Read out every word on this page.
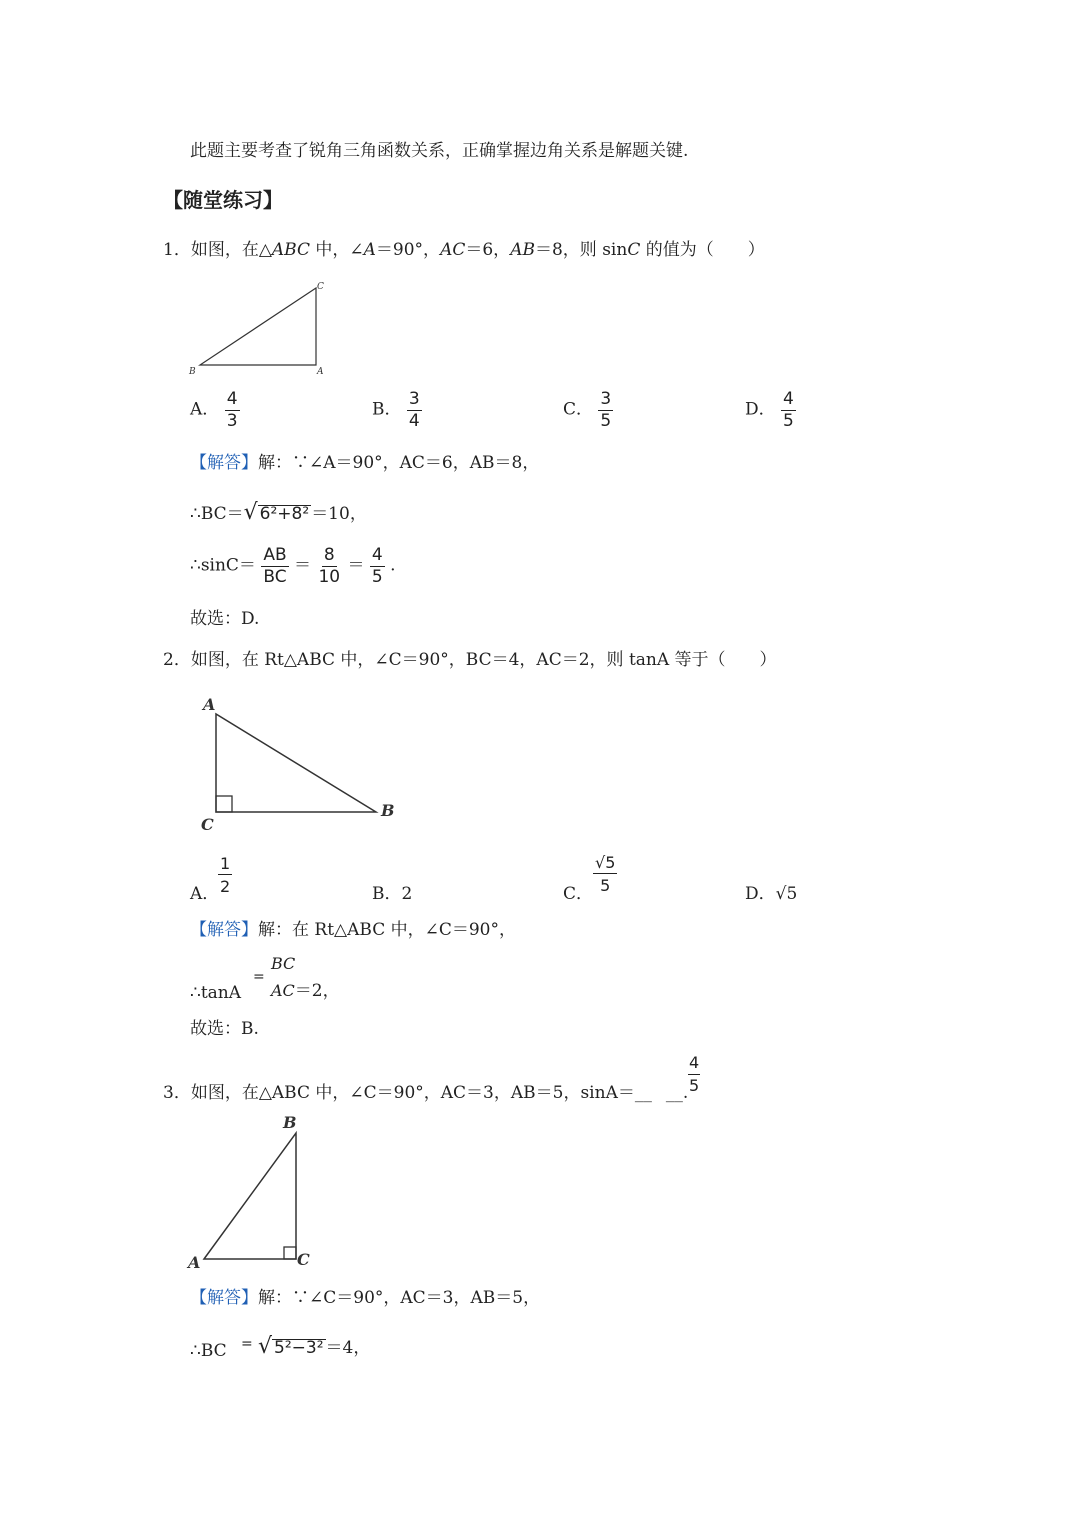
此题主要考查了锐角三角函数关系，正确掌握边角关系是解题关键.
【随堂练习】
1．如图，在△ABC 中，∠A＝90°，AC＝6，AB＝8，则 sinC 的值为（　　）
B	A
C
A． $\frac{4}{3}$	B． $\frac{3}{4}$	C． $\frac{3}{5}$	D． $\frac{4}{5}$
【解答】解：∵∠A＝90°，AC＝6，AB＝8，
∴BC＝√ 6²+8² ＝10，
∴sinC＝ $\frac{AB}{BC} = \frac{8}{10} = \frac{4}{5}$ .
故选：D.
2．如图，在 Rt△ABC 中，∠C＝90°，BC＝4，AC＝2，则 tanA 等于（　　）
A
C
B
A．
1
2	B．2	C．
√5
5	D．√5
【解答】解：在 Rt△ABC 中，∠C＝90°，
∴tanA
=
BC
AC＝2，
故选：B.
3．如图，在△ABC 中，∠C＝90°，AC＝3，AB＝5，sinA＝__ __.
4
5
B
A	C
【解答】解：∵∠C＝90°，AC＝3，AB＝5，
∴BC = √ 5²−3² ＝4，
